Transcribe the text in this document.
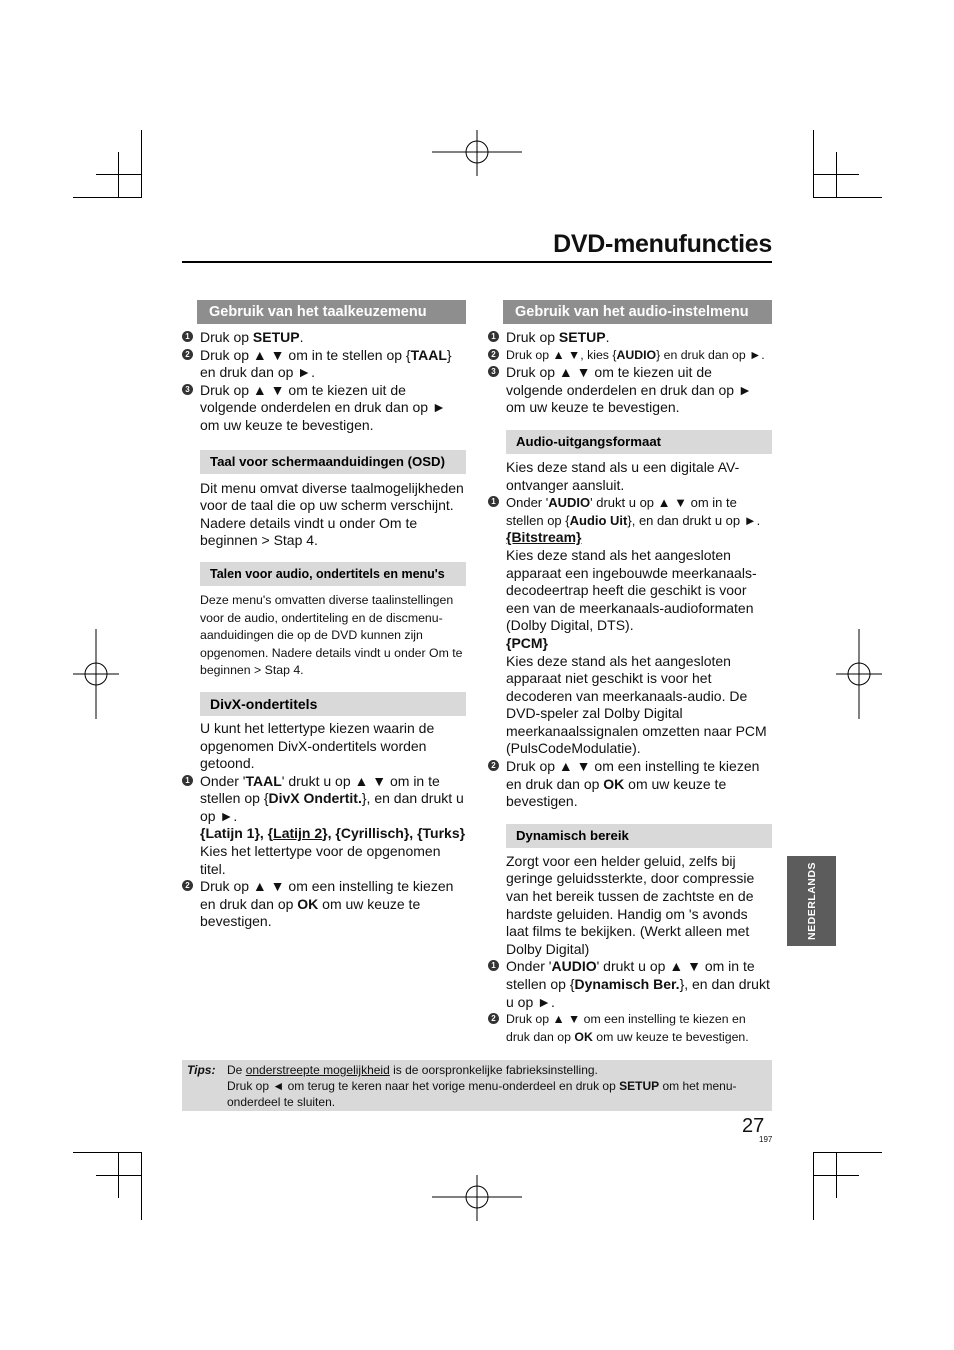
DVD-menufuncties
Gebruik van het taalkeuzemenu
1 Druk op SETUP.
2 Druk op ▲ ▼ om in te stellen op {TAAL} en druk dan op ►.
3 Druk op ▲ ▼ om te kiezen uit de volgende onderdelen en druk dan op ► om uw keuze te bevestigen.
Taal voor schermaanduidingen (OSD)

Dit menu omvat diverse taalmogelijkheden voor de taal die op uw scherm verschijnt. Nadere details vindt u onder Om te beginnen > Stap 4.

Talen voor audio, ondertitels en menu's

Deze menu's omvatten diverse taalinstellingen voor de audio, ondertiteling en de discmenu-aanduidingen die op de DVD kunnen zijn opgenomen. Nadere details vindt u onder Om te beginnen > Stap 4.

DivX-ondertitels

U kunt het lettertype kiezen waarin de opgenomen DivX-ondertitels worden getoond.

1 Onder 'TAAL' drukt u op ▲ ▼ om in te stellen op {DivX Ondertit.}, en dan drukt u op ►.

{Latijn 1}, {Latijn 2}, {Cyrillisch}, {Turks}

Kies het lettertype voor de opgenomen titel.

2 Druk op ▲ ▼ om een instelling te kiezen en druk dan op OK om uw keuze te bevestigen.
Gebruik van het audio-instelmenu
1 Druk op SETUP.
2 Druk op ▲ ▼, kies {AUDIO} en druk dan op ►.
3 Druk op ▲ ▼ om te kiezen uit de volgende onderdelen en druk dan op ► om uw keuze te bevestigen.
Audio-uitgangsformaat

Kies deze stand als u een digitale AV-ontvanger aansluit.

1 Onder 'AUDIO' drukt u op ▲ ▼ om in te stellen op {Audio Uit}, en dan drukt u op ►.

{Bitstream}

Kies deze stand als het aangesloten apparaat een ingebouwde meerkanaals-decodeertrap heeft die geschikt is voor een van de meerkanaals-audioformaten (Dolby Digital, DTS).

{PCM}

Kies deze stand als het aangesloten apparaat niet geschikt is voor het decoderen van meerkanaals-audio. De DVD-speler zal Dolby Digital meerkanaalssignalen omzetten naar PCM (PulsCodeModulatie).

2 Druk op ▲ ▼ om een instelling te kiezen en druk dan op OK om uw keuze te bevestigen.
Dynamisch bereik

Zorgt voor een helder geluid, zelfs bij geringe geluidssterkte, door compressie van het bereik tussen de zachtste en de hardste geluiden. Handig om 's avonds laat films te bekijken. (Werkt alleen met Dolby Digital)

1 Onder 'AUDIO' drukt u op ▲ ▼ om in te stellen op {Dynamisch Ber.}, en dan drukt u op ►.
2 Druk op ▲ ▼ om een instelling te kiezen en druk dan op OK om uw keuze te bevestigen.
NEDERLANDS
Tips: De onderstreepte mogelijkheid is de oorspronkelijke fabrieksinstelling.
Druk op ◄ om terug te keren naar het vorige menu-onderdeel en druk op SETUP om het menu-onderdeel te sluiten.
27
197
